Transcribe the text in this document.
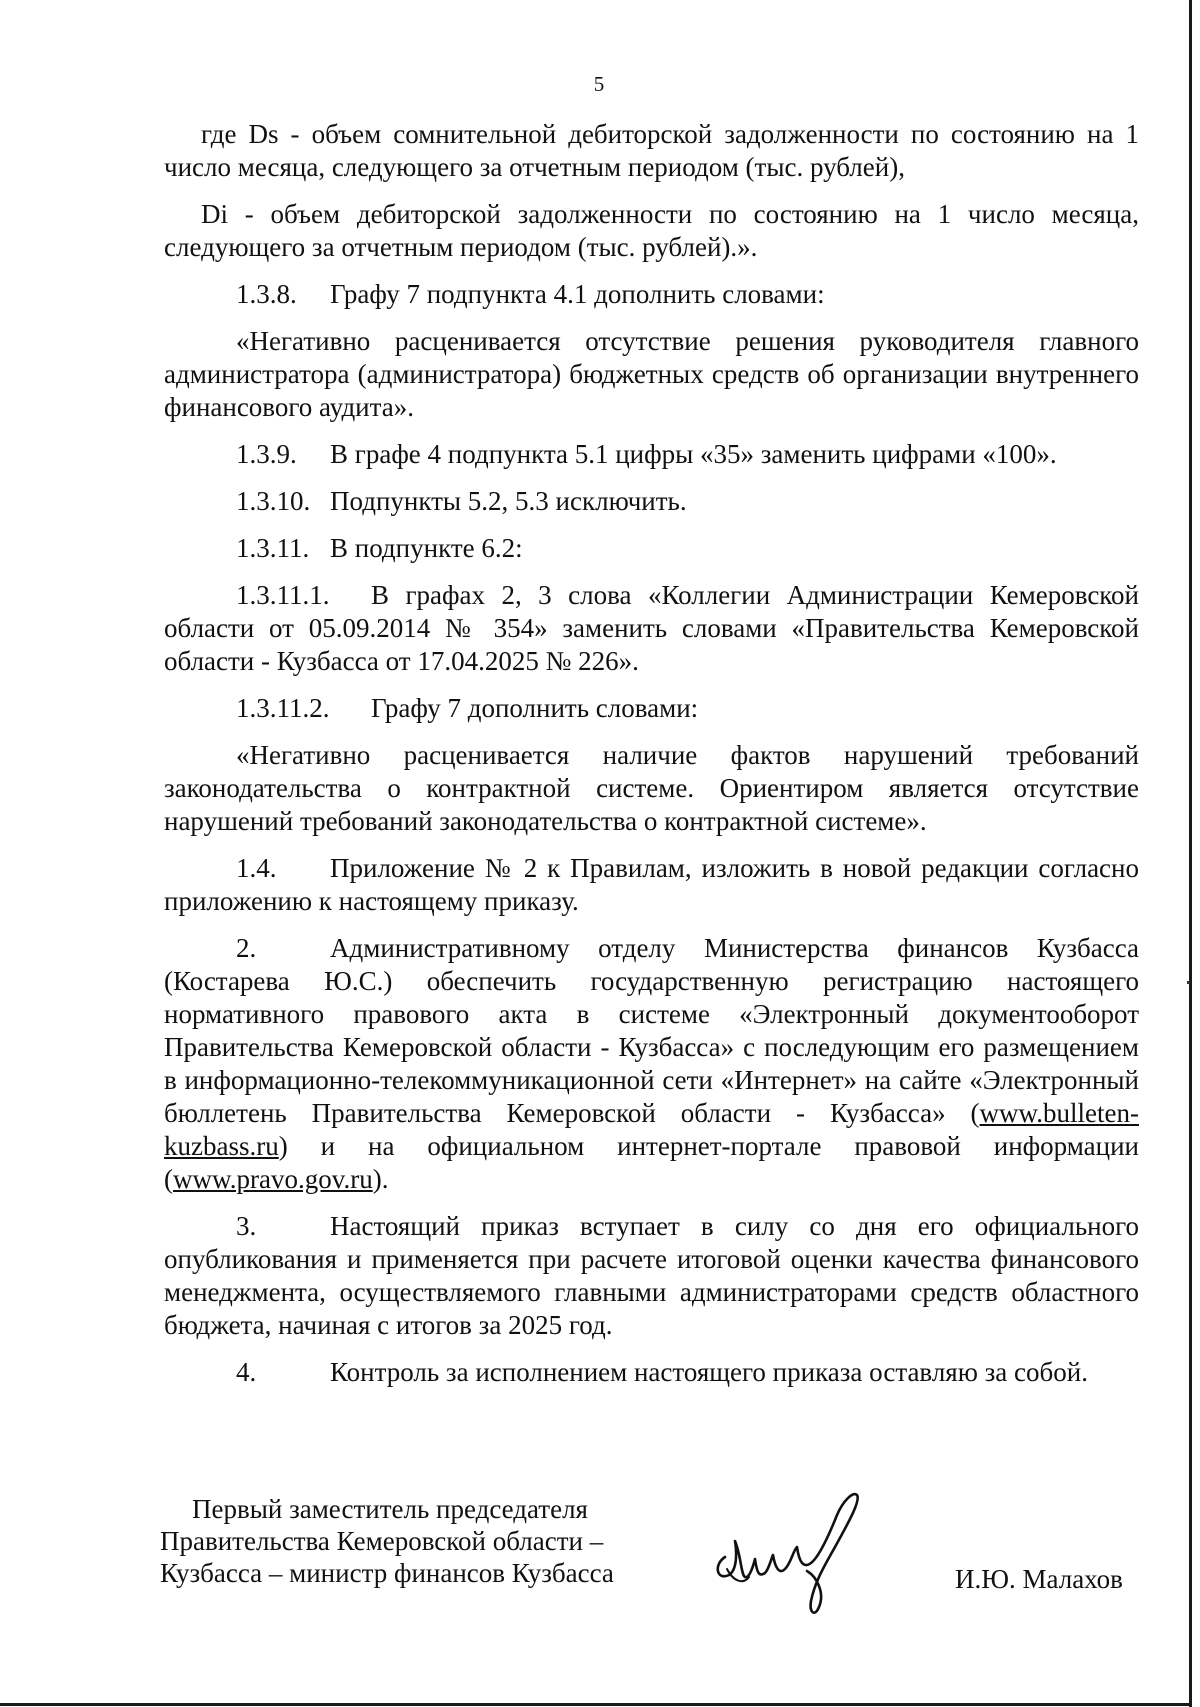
5

где Ds - объем сомнительной дебиторской задолженности по состоянию на 1 число месяца, следующего за отчетным периодом (тыс. рублей),

Di - объем дебиторской задолженности по состоянию на 1 число месяца, следующего за отчетным периодом (тыс. рублей).».

1.3.8. Графу 7 подпункта 4.1 дополнить словами:

«Негативно расценивается отсутствие решения руководителя главного администратора (администратора) бюджетных средств об организации внутреннего финансового аудита».

1.3.9. В графе 4 подпункта 5.1 цифры «35» заменить цифрами «100».

1.3.10. Подпункты 5.2, 5.3 исключить.

1.3.11. В подпункте 6.2:

1.3.11.1. В графах 2, 3 слова «Коллегии Администрации Кемеровской области от 05.09.2014 № 354» заменить словами «Правительства Кемеровской области - Кузбасса от 17.04.2025 № 226».

1.3.11.2. Графу 7 дополнить словами:

«Негативно расценивается наличие фактов нарушений требований законодательства о контрактной системе. Ориентиром является отсутствие нарушений требований законодательства о контрактной системе».

1.4. Приложение № 2 к Правилам, изложить в новой редакции согласно приложению к настоящему приказу.

2.	Административному отделу Министерства финансов Кузбасса (Костарева Ю.С.) обеспечить государственную регистрацию настоящего нормативного правового акта в системе «Электронный документооборот Правительства Кемеровской области - Кузбасса» с последующим его размещением в информационно-телекоммуникационной сети «Интернет» на сайте «Электронный бюллетень Правительства Кемеровской области - Кузбасса» (www.bulleten-kuzbass.ru) и на официальном интернет-портале правовой информации (www.pravo.gov.ru).

3.	Настоящий приказ вступает в силу со дня его официального опубликования и применяется при расчете итоговой оценки качества финансового менеджмента, осуществляемого главными администраторами средств областного бюджета, начиная с итогов за 2025 год.

4.	Контроль за исполнением настоящего приказа оставляю за собой.

Первый заместитель председателя
Правительства Кемеровской области –
Кузбасса – министр финансов Кузбасса	И.Ю. Малахов
